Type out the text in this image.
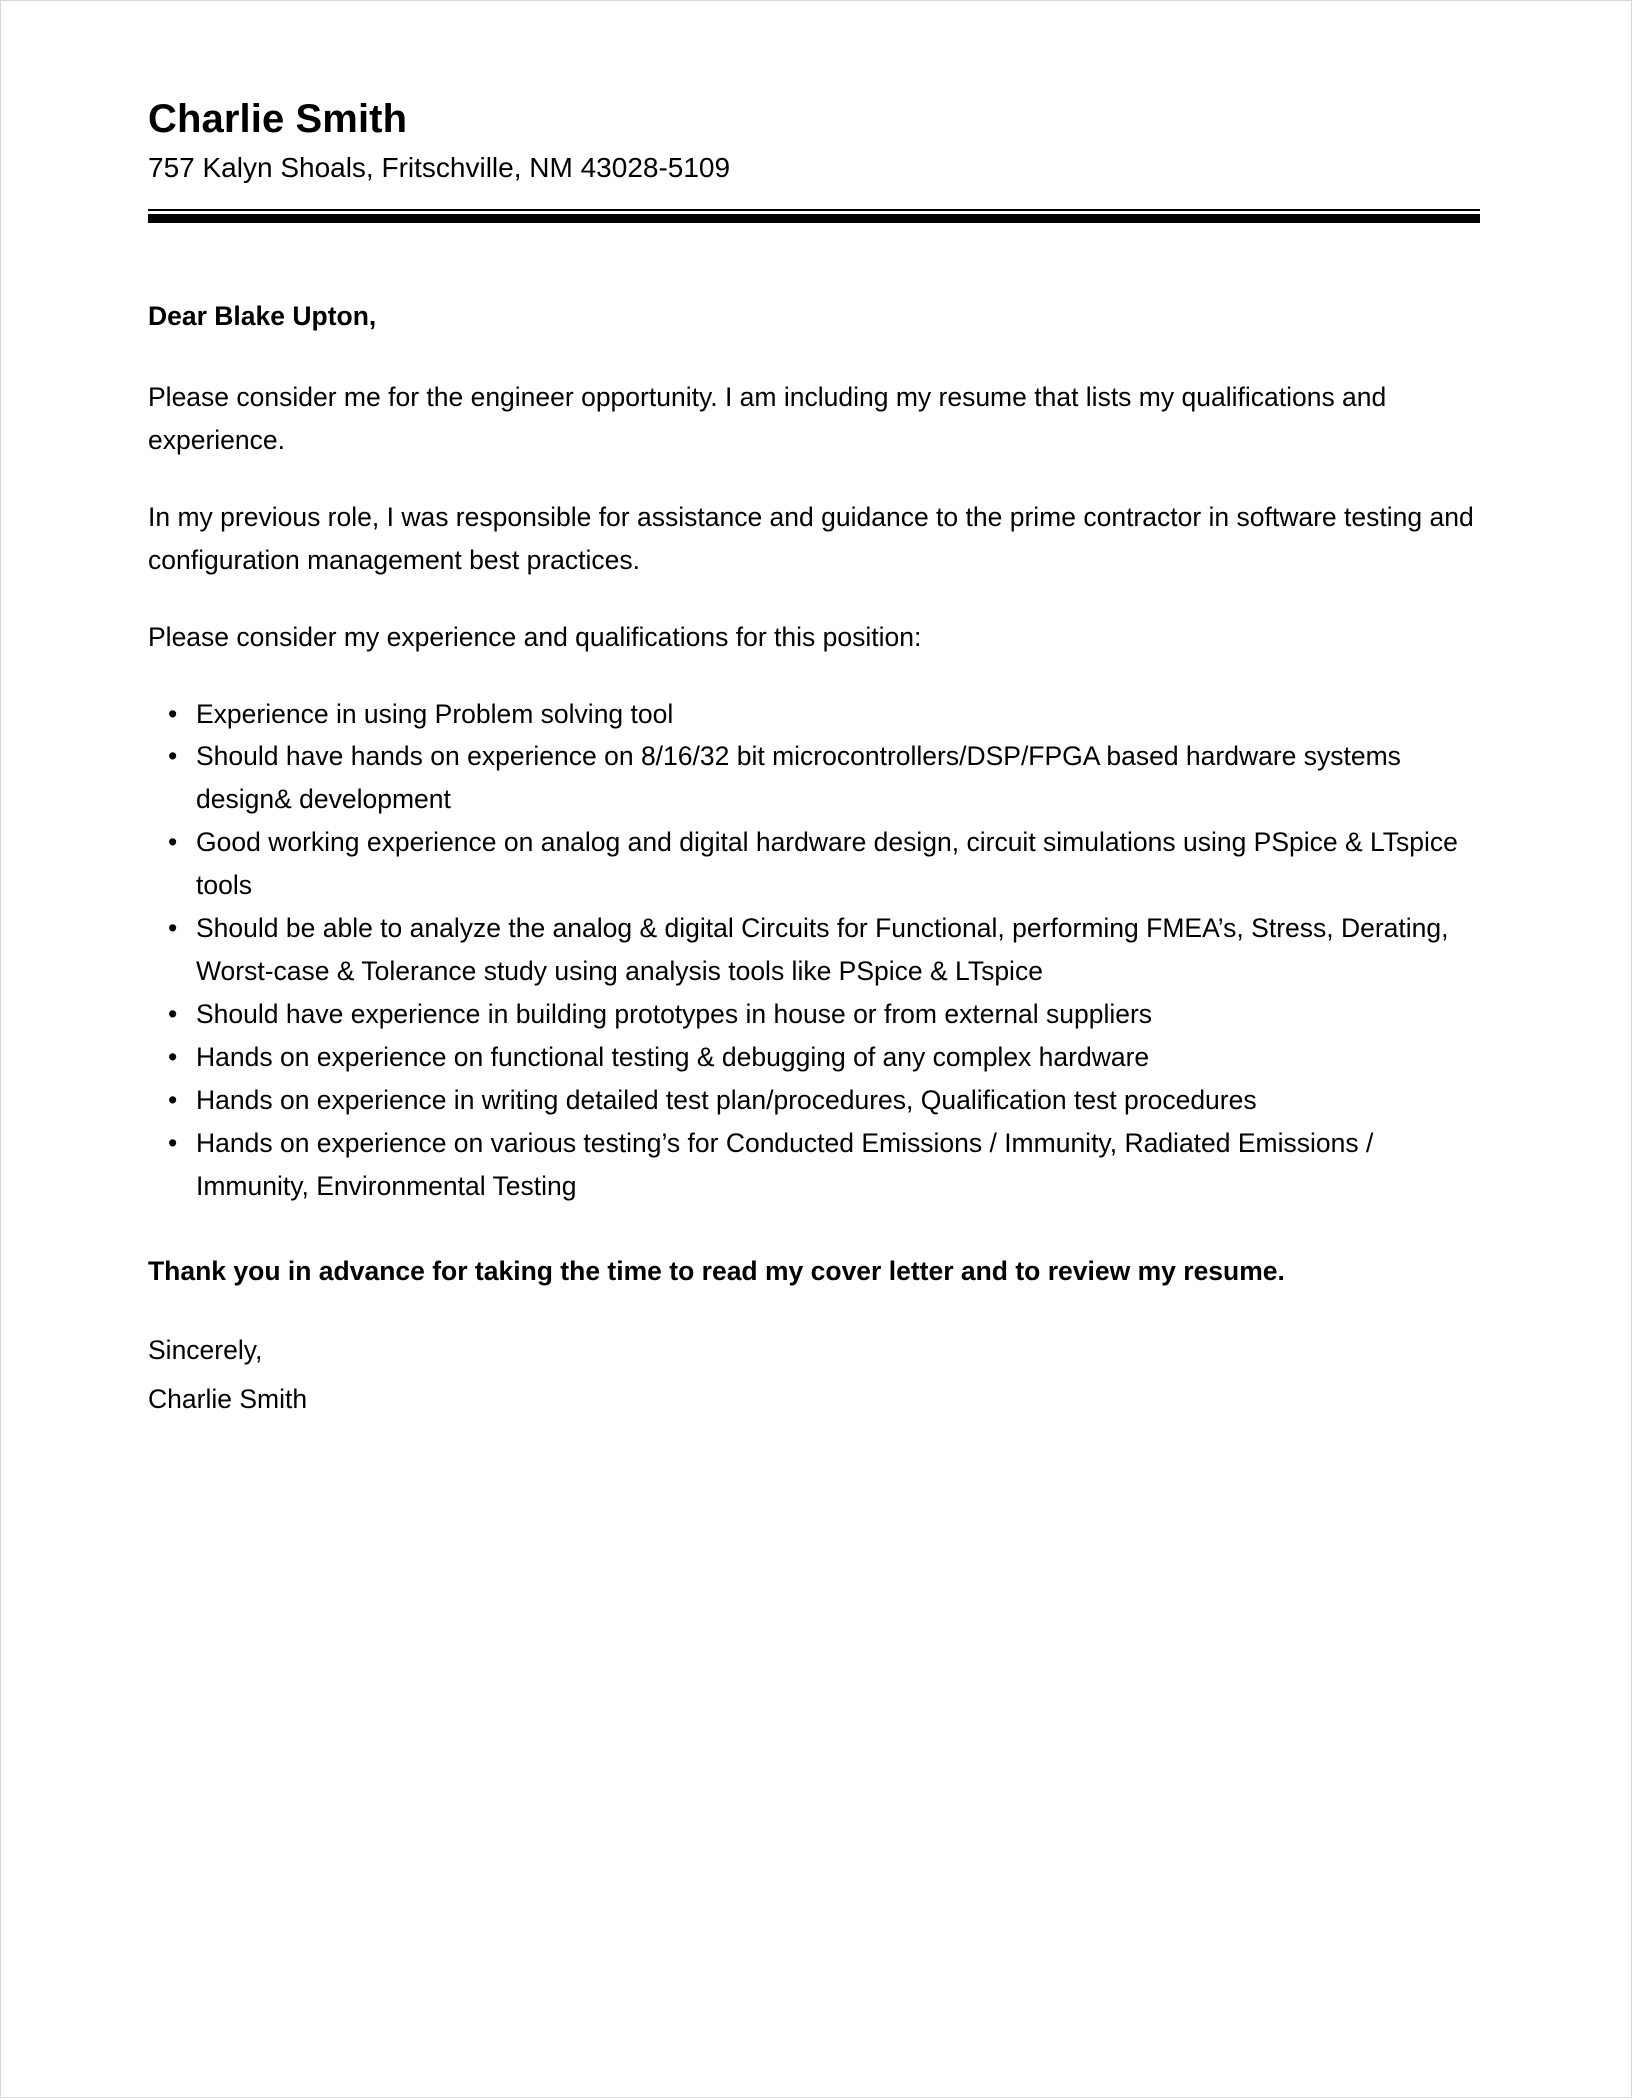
Charlie Smith
757 Kalyn Shoals, Fritschville, NM 43028-5109
Dear Blake Upton,

Please consider me for the engineer opportunity. I am including my resume that lists my qualifications and experience.

In my previous role, I was responsible for assistance and guidance to the prime contractor in software testing and configuration management best practices.

Please consider my experience and qualifications for this position:

• Experience in using Problem solving tool
• Should have hands on experience on 8/16/32 bit microcontrollers/DSP/FPGA based hardware systems design& development
• Good working experience on analog and digital hardware design, circuit simulations using PSpice & LTspice tools
• Should be able to analyze the analog & digital Circuits for Functional, performing FMEA’s, Stress, Derating, Worst-case & Tolerance study using analysis tools like PSpice & LTspice
• Should have experience in building prototypes in house or from external suppliers
• Hands on experience on functional testing & debugging of any complex hardware
• Hands on experience in writing detailed test plan/procedures, Qualification test procedures
• Hands on experience on various testing’s for Conducted Emissions / Immunity, Radiated Emissions / Immunity, Environmental Testing

Thank you in advance for taking the time to read my cover letter and to review my resume.

Sincerely,
Charlie Smith
